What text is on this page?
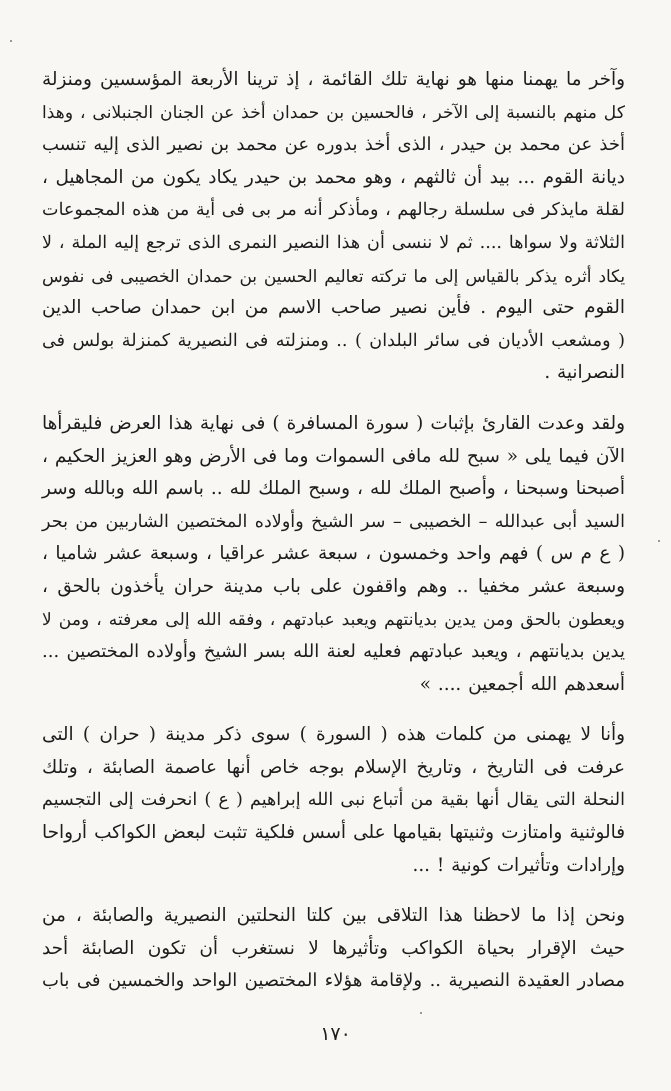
وآخر ما يهمنا منها هو نهاية تلك القائمة ، إذ ترينا الأربعة المؤسسين ومنزلة
كل منهم بالنسبة إلى الآخر ، فالحسين بن حمدان أخذ عن الجنان الجنبلانى ، وهذا
أخذ عن محمد بن حيدر ، الذى أخذ بدوره عن محمد بن نصير الذى إليه تنسب
ديانة القوم ... بيد أن ثالثهم ، وهو محمد بن حيدر يكاد يكون من المجاهيل ،
لقلة مايذكر فى سلسلة رجالهم ، ومأذكر أنه مر بى فى أية من هذه المجموعات
الثلاثة ولا سواها .... ثم لا ننسى أن هذا النصير النمرى الذى ترجع إليه الملة ، لا
يكاد أثره يذكر بالقياس إلى ما تركته تعاليم الحسين بن حمدان الخصيبى فى نفوس
القوم حتى اليوم . فأين نصير صاحب الاسم من ابن حمدان صاحب الدين
( ومشعب الأديان فى سائر البلدان ) .. ومنزلته فى النصيرية كمنزلة بولس فى
النصرانية .

ولقد وعدت القارئ بإثبات ( سورة المسافرة ) فى نهاية هذا العرض فليقرأها
الآن فيما يلى « سبح لله مافى السموات وما فى الأرض وهو العزيز الحكيم ،
أصبحنا وسبحنا ، وأصبح الملك لله ، وسبح الملك لله .. باسم الله وبالله وسر
السيد أبى عبدالله – الخصيبى – سر الشيخ وأولاده المختصين الشاربين من بحر
( ع م س ) فهم واحد وخمسون ، سبعة عشر عراقيا ، وسبعة عشر شاميا ،
وسبعة عشر مخفيا .. وهم واقفون على باب مدينة حران يأخذون بالحق ،
ويعطون بالحق ومن يدين بديانتهم ويعبد عبادتهم ، وفقه الله إلى معرفته ، ومن لا
يدين بديانتهم ، ويعبد عبادتهم فعليه لعنة الله بسر الشيخ وأولاده المختصين ...
أسعدهم الله أجمعين .... »

وأنا لا يهمنى من كلمات هذه ( السورة ) سوى ذكر مدينة ( حران ) التى
عرفت فى التاريخ ، وتاريخ الإسلام بوجه خاص أنها عاصمة الصابئة ، وتلك
النحلة التى يقال أنها بقية من أتباع نبى الله إبراهيم ( ع ) انحرفت إلى التجسيم
فالوثنية وامتازت وثنيتها بقيامها على أسس فلكية تثبت لبعض الكواكب أرواحا
وإرادات وتأثيرات كونية ! ...

ونحن إذا ما لاحظنا هذا التلاقى بين كلتا النحلتين النصيرية والصابئة ، من
حيث الإقرار بحياة الكواكب وتأثيرها لا نستغرب أن تكون الصابئة أحد
مصادر العقيدة النصيرية .. ولإقامة هؤلاء المختصين الواحد والخمسين فى باب

١٧٠
